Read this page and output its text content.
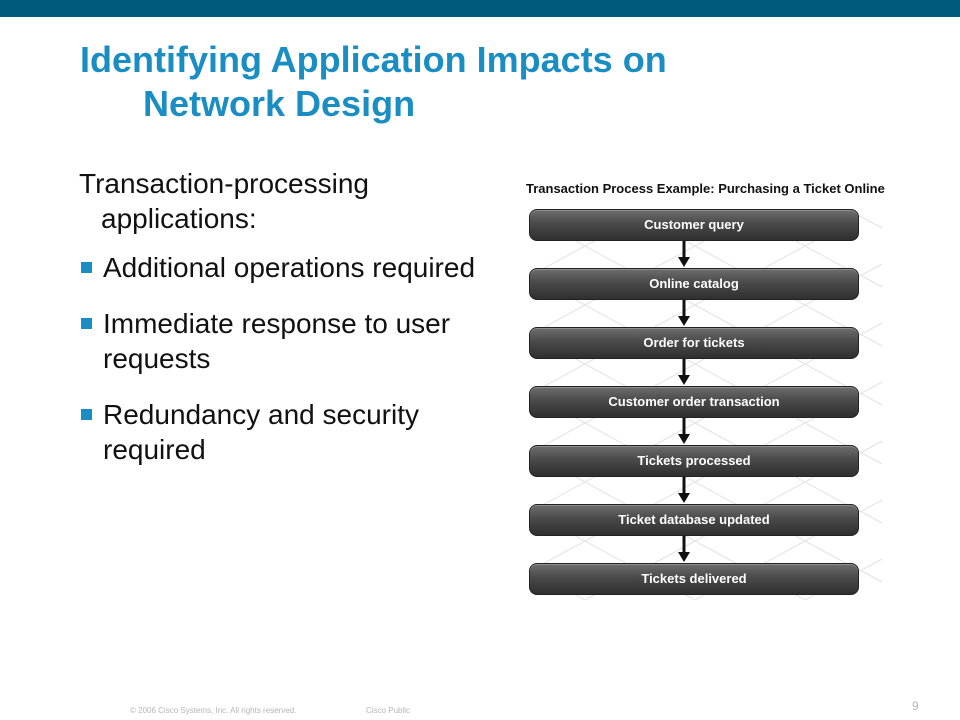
Identifying Application Impacts on
Network Design

Transaction-processing applications:

Additional operations required
Immediate response to user requests
Redundancy and security required
Transaction Process Example: Purchasing a Ticket Online
Customer query
Online catalog
Order for tickets
Customer order transaction
Tickets processed
Ticket database updated
Tickets delivered
© 2006 Cisco Systems, Inc. All rights reserved.	Cisco Public	9
